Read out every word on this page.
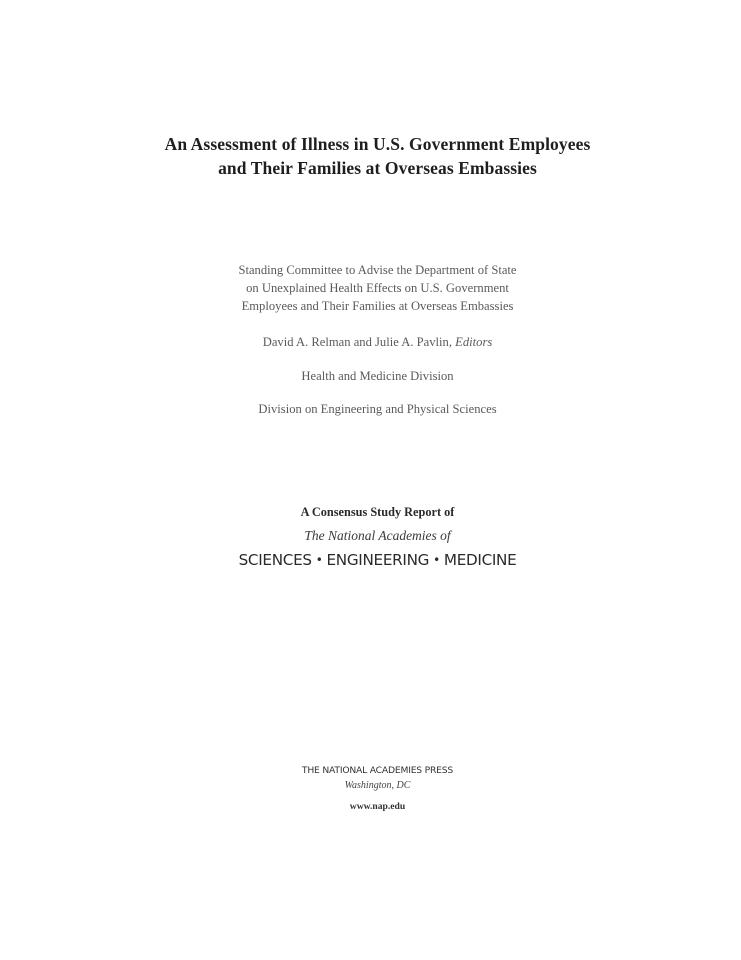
An Assessment of Illness in U.S. Government Employees
and Their Families at Overseas Embassies
Standing Committee to Advise the Department of State
on Unexplained Health Effects on U.S. Government
Employees and Their Families at Overseas Embassies
David A. Relman and Julie A. Pavlin, Editors
Health and Medicine Division
Division on Engineering and Physical Sciences
A Consensus Study Report of
The National Academies of
SCIENCES • ENGINEERING • MEDICINE
THE NATIONAL ACADEMIES PRESS
Washington, DC
www.nap.edu
